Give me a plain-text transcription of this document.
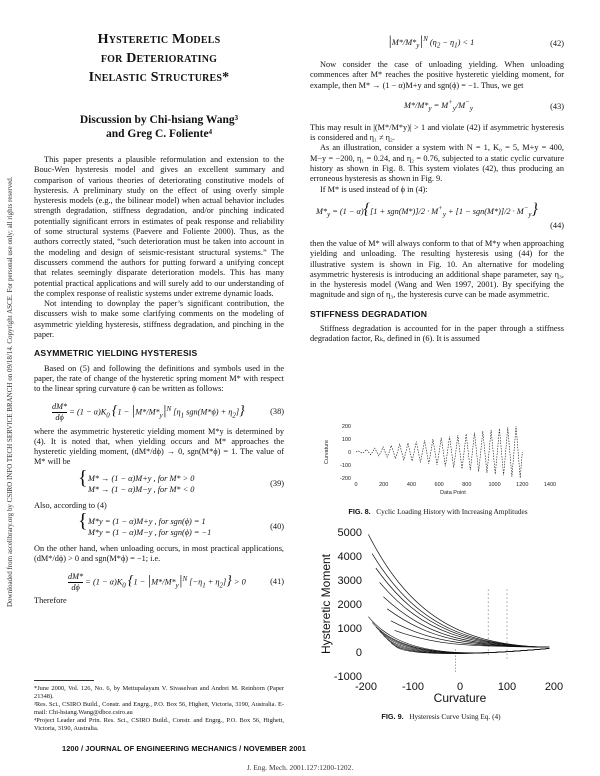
Downloaded from ascelibrary.org by CSIRO INFO TECH SERVICE BRANCH on 09/18/14. Copyright ASCE. For personal use only; all rights reserved.
Hysteretic Models
for Deteriorating
Inelastic Structures*
Discussion by Chi-hsiang Wang³
and Greg C. Foliente⁴

This paper presents a plausible reformulation and extension to the Bouc-Wen hysteresis model and gives an excellent summary and comparison of various theories of deteriorating constitutive models of hysteresis. A preliminary study on the effect of using overly simple hysteresis models (e.g., the bilinear model) when actual behavior includes strength degradation, stiffness degradation, and/or pinching indicated potentially significant errors in estimates of peak response and reliability of some structural systems (Paevere and Foliente 2000). Thus, as the authors correctly stated, “such deterioration must be taken into account in the modeling and design of seismic-resistant structural systems.” The discussers commend the authors for putting forward a unifying concept that relates seemingly disparate deterioration models. This has many potential practical applications and will surely add to our understanding of the complex response of realistic systems under extreme dynamic loads.

Not intending to downplay the paper’s significant contribution, the discussers wish to make some clarifying comments on the modeling of asymmetric yielding hysteresis, stiffness degradation, and pinching in the paper.

ASYMMETRIC YIELDING HYSTERESIS

Based on (5) and following the definitions and symbols used in the paper, the rate of change of the hysteretic spring moment M* with respect to the linear spring curvature ϕ can be written as follows:

$\frac{dM*}{d\phi} = (1 - \alpha)K_0$ {$1 - |M*/M*_y|^N$ [$\eta_1$ $sgn(M*\phi) + \eta_2$]}	(38)

where the asymmetric hysteretic yielding moment M*y is determined by (4). It is noted that, when yielding occurs and M* approaches the hysteretic yielding moment, (dM*/dϕ) → 0, sgn(M*ϕ) = 1. The value of M* will be

{ M* → (1 − α)M+y , for M* > 0
M* → (1 − α)M−y , for M* < 0
(39)

Also, according to (4)

{ M*y = (1 − α)M+y , for sgn(ϕ) = 1
M*y = (1 − α)M−y , for sgn(ϕ) = −1
(40)

On the other hand, when unloading occurs, in most practical applications, (dM*/dϕ) > 0 and sgn(M*ϕ) = −1; i.e.

$\frac{dM*}{d\phi} = (1 - \alpha)K_0$ {$1 - |M*/M*_y|^N$ $[-\eta_1 + \eta_2]\} > 0$	(41)

Therefore

*June 2000, Vol. 126, No. 6, by Mettupalayam V. Sivaselvan and Andrei M. Reinhorn (Paper 21348).
³Res. Sci., CSIRO Build., Constr. and Engrg., P.O. Box 56, Highett, Victoria, 3190, Australia. E-mail: Chi-hsiang.Wang@dbce.csiro.au
⁴Project Leader and Prin. Res. Sci., CSIRO Build., Constr. and Engrg., P.O. Box 56, Highett, Victoria, 3190, Australia.
$|M*/M*_y|^N$ $(\eta_2 - \eta_1) < 1$	(42)

Now consider the case of unloading yielding. When unloading commences after M* reaches the positive hysteretic yielding moment, for example, then M* → (1 − α)M+y and sgn(ϕ) = −1. Thus, we get

$M*/M*_y = M^+_y/M^-_y$	(43)

This may result in |(M*/M*y)| > 1 and violate (42) if asymmetric hysteresis is considered and η₁ ≠ η₂.

As an illustration, consider a system with N = 1, K₀ = 5, M+y = 400, M−y = −200, η₁ = 0.24, and η₂ = 0.76, subjected to a static cyclic curvature history as shown in Fig. 8. This system violates (42), thus producing an erroneous hysteresis as shown in Fig. 9.

If M* is used instead of ϕ in (4):

$M*_y = (1 - \alpha)\{[1 + sgn(M*)]/2 \cdot M^+_y + [1 - sgn(M*)]/2 \cdot M^-_y\}$
(44)

then the value of M* will always conform to that of M*y when approaching yielding and unloading. The resulting hysteresis using (44) for the illustrative system is shown in Fig. 10. An alternative for modeling asymmetric hysteresis is introducing an additional shape parameter, say η₃, in the hysteresis model (Wang and Wen 1997, 2001). By specifying the magnitude and sign of η₃, the hysteresis curve can be made asymmetric.

STIFFNESS DEGRADATION

Stiffness degradation is accounted for in the paper through a stiffness degradation factor, Rₖ, defined in (6). It is assumed

200
100
0
-100
-200
0	200	400	600	800	1000	1200	1400
Data Point
Curvature
FIG. 8. Cyclic Loading History with Increasing Amplitudes
5000
4000
3000
2000
1000
0
-1000
-200 -100	0	100	200
Curvature
Hysteretic Moment
FIG. 9. Hysteresis Curve Using Eq. (4)
1200 / JOURNAL OF ENGINEERING MECHANICS / NOVEMBER 2001
J. Eng. Mech. 2001.127:1200-1202.
